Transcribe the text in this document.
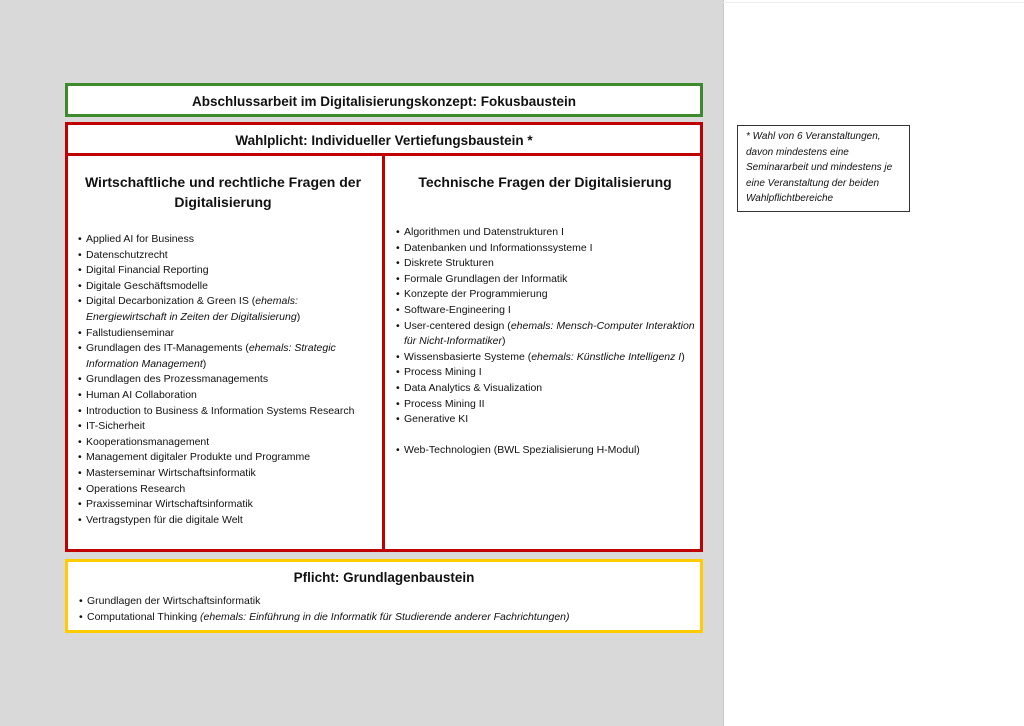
Abschlussarbeit im Digitalisierungskonzept: Fokusbaustein
Wahlplicht: Individueller Vertiefungsbaustein *
Wirtschaftliche und rechtliche Fragen der Digitalisierung
• Applied AI for Business
• Datenschutzrecht
• Digital Financial Reporting
• Digitale Geschäftsmodelle
• Digital Decarbonization & Green IS (ehemals: Energiewirtschaft in Zeiten der Digitalisierung)
• Fallstudienseminar
• Grundlagen des IT-Managements (ehemals: Strategic Information Management)
• Grundlagen des Prozessmanagements
• Human AI Collaboration
• Introduction to Business & Information Systems Research
• IT-Sicherheit
• Kooperationsmanagement
• Management digitaler Produkte und Programme
• Masterseminar Wirtschaftsinformatik
• Operations Research
• Praxisseminar Wirtschaftsinformatik
• Vertragstypen für die digitale Welt
Technische Fragen der Digitalisierung
• Algorithmen und Datenstrukturen I
• Datenbanken und Informationssysteme I
• Diskrete Strukturen
• Formale Grundlagen der Informatik
• Konzepte der Programmierung
• Software-Engineering I
• User-centered design (ehemals: Mensch-Computer Interaktion für Nicht-Informatiker)
• Wissensbasierte Systeme (ehemals: Künstliche Intelligenz I)
• Process Mining I
• Data Analytics & Visualization
• Process Mining II
• Generative KI
• Web-Technologien (BWL Spezialisierung H-Modul)
Pflicht: Grundlagenbaustein
• Grundlagen der Wirtschaftsinformatik
• Computational Thinking (ehemals: Einführung in die Informatik für Studierende anderer Fachrichtungen)
* Wahl von 6 Veranstaltungen, davon mindestens eine Seminararbeit und mindestens je eine Veranstaltung der beiden Wahlpflichtbereiche
